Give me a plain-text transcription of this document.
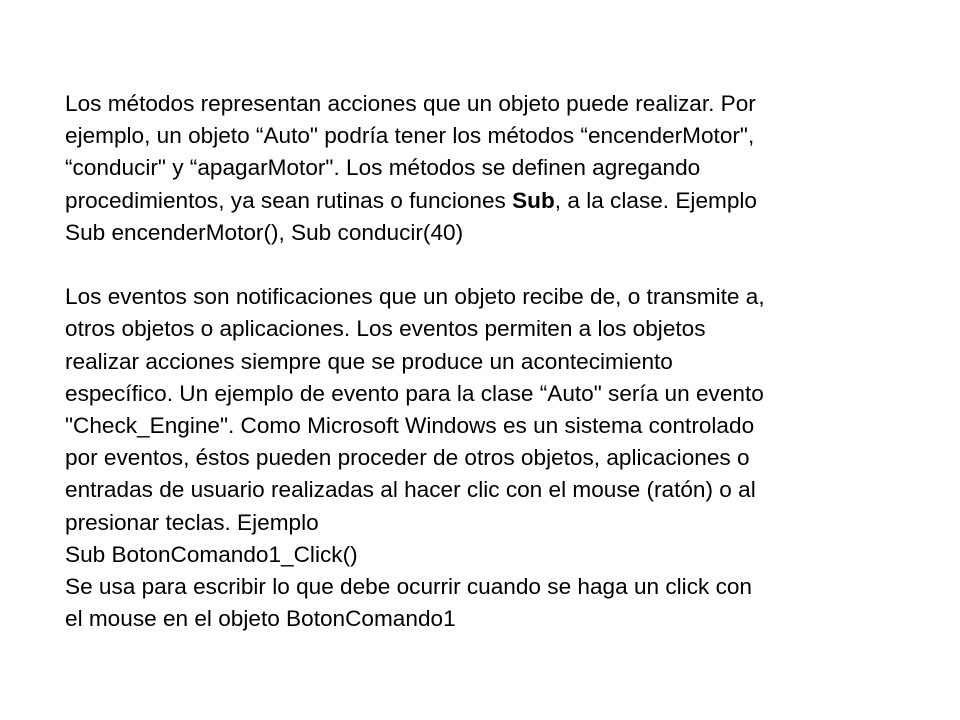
Los métodos representan acciones que un objeto puede realizar. Por
ejemplo, un objeto “Auto" podría tener los métodos “encenderMotor",
“conducir" y “apagarMotor". Los métodos se definen agregando
procedimientos, ya sean rutinas o funciones Sub, a la clase. Ejemplo
Sub encenderMotor(), Sub conducir(40)
Los eventos son notificaciones que un objeto recibe de, o transmite a,
otros objetos o aplicaciones. Los eventos permiten a los objetos
realizar acciones siempre que se produce un acontecimiento
específico. Un ejemplo de evento para la clase “Auto" sería un evento
"Check_Engine". Como Microsoft Windows es un sistema controlado
por eventos, éstos pueden proceder de otros objetos, aplicaciones o
entradas de usuario realizadas al hacer clic con el mouse (ratón) o al
presionar teclas. Ejemplo
Sub BotonComando1_Click()
Se usa para escribir lo que debe ocurrir cuando se haga un click con
el mouse en el objeto BotonComando1
